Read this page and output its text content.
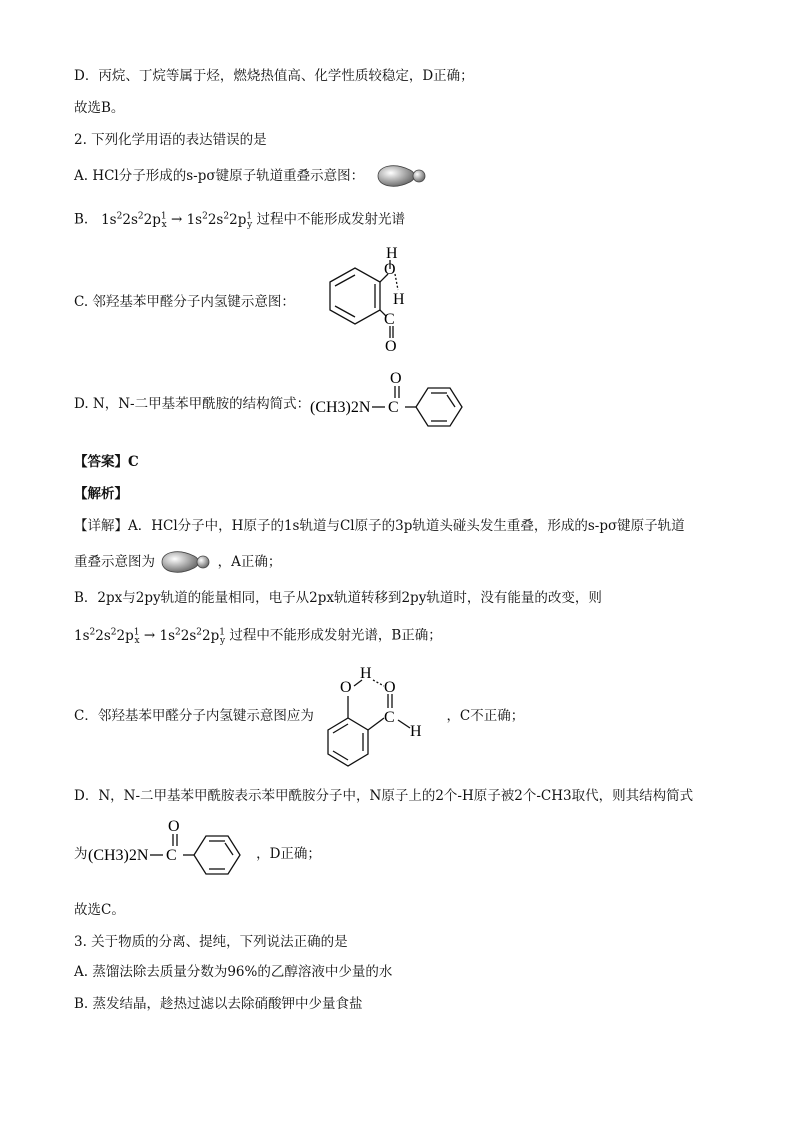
D．丙烷、丁烷等属于烃，燃烧热值高、化学性质较稳定，D正确；
故选B。
2. 下列化学用语的表达错误的是
A. HCl分子形成的s-pσ键原子轨道重叠示意图：
B. $1s^22s^22p^1_x \to 1s^22s^22p^1_y$ 过程中不能形成发射光谱
C. 邻羟基苯甲醛分子内氢键示意图：
H
O
H
C
O
D. N，N-二甲基苯甲酰胺的结构简式： (CH3)2N
O
C
【答案】C
【解析】
【详解】A．HCl分子中，H原子的1s轨道与Cl原子的3p轨道头碰头发生重叠，形成的s-pσ键原子轨道
重叠示意图为	，A正确；
B．2px与2py轨道的能量相同，电子从2px轨道转移到2py轨道时，没有能量的改变，则
$1s^22s^22p^1_x \to 1s^22s^22p^1_y$ 过程中不能形成发射光谱，B正确；
C．邻羟基苯甲醛分子内氢键示意图应为	，C不正确；
O
H
O
C
H
D．N，N-二甲基苯甲酰胺表示苯甲酰胺分子中，N原子上的2个-H原子被2个-CH3取代，则其结构简式
为	，D正确；
(CH3)2N
O
C
故选C。
3. 关于物质的分离、提纯，下列说法正确的是
A. 蒸馏法除去质量分数为96%的乙醇溶液中少量的水
B. 蒸发结晶，趁热过滤以去除硝酸钾中少量食盐
